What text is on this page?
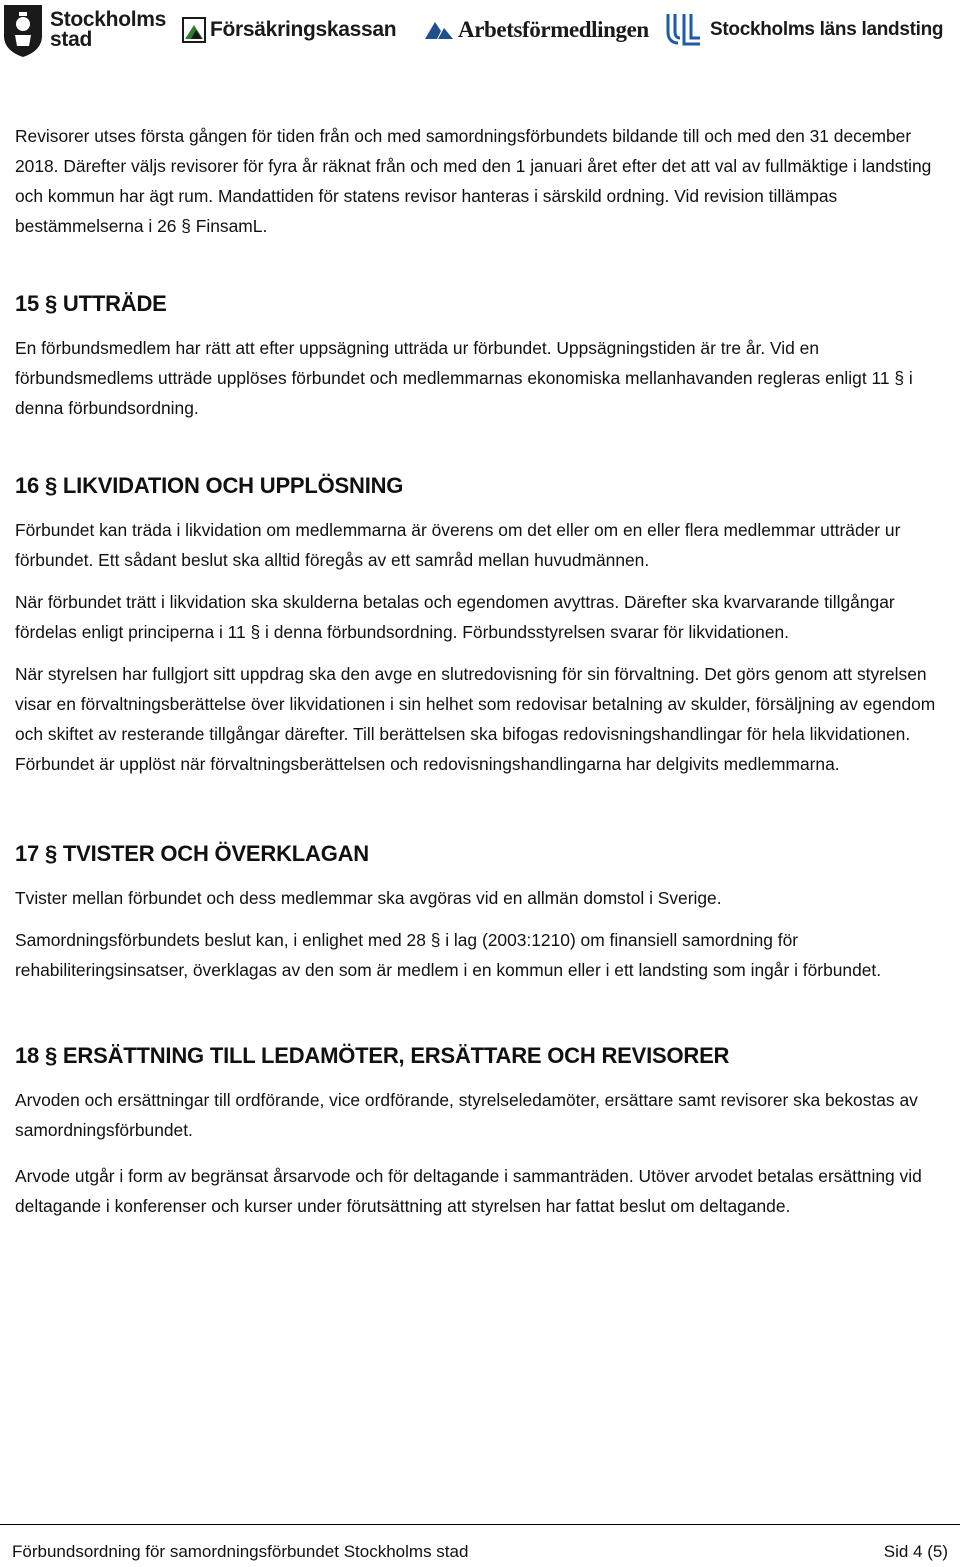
Stockholms
stad	Försäkringskassan	Arbetsförmedlingen	Stockholms läns landsting

Revisorer utses första gången för tiden från och med samordningsförbundets bildande till och med den 31 december 2018. Därefter väljs revisorer för fyra år räknat från och med den 1 januari året efter det att val av fullmäktige i landsting och kommun har ägt rum. Mandattiden för statens revisor hanteras i särskild ordning. Vid revision tillämpas bestämmelserna i 26 § FinsamL.

15 § UTTRÄDE

En förbundsmedlem har rätt att efter uppsägning utträda ur förbundet. Uppsägningstiden är tre år. Vid en förbundsmedlems utträde upplöses förbundet och medlemmarnas ekonomiska mellanhavanden regleras enligt 11 § i denna förbundsordning.

16 § LIKVIDATION OCH UPPLÖSNING

Förbundet kan träda i likvidation om medlemmarna är överens om det eller om en eller flera medlemmar utträder ur förbundet. Ett sådant beslut ska alltid föregås av ett samråd mellan huvudmännen.

När förbundet trätt i likvidation ska skulderna betalas och egendomen avyttras. Därefter ska kvarvarande tillgångar fördelas enligt principerna i 11 § i denna förbundsordning. Förbundsstyrelsen svarar för likvidationen.

När styrelsen har fullgjort sitt uppdrag ska den avge en slutredovisning för sin förvaltning. Det görs genom att styrelsen visar en förvaltningsberättelse över likvidationen i sin helhet som redovisar betalning av skulder, försäljning av egendom och skiftet av resterande tillgångar därefter. Till berättelsen ska bifogas redovisningshandlingar för hela likvidationen. Förbundet är upplöst när förvaltningsberättelsen och redovisningshandlingarna har delgivits medlemmarna.

17 § TVISTER OCH ÖVERKLAGAN

Tvister mellan förbundet och dess medlemmar ska avgöras vid en allmän domstol i Sverige.

Samordningsförbundets beslut kan, i enlighet med 28 § i lag (2003:1210) om finansiell samordning för rehabiliteringsinsatser, överklagas av den som är medlem i en kommun eller i ett landsting som ingår i förbundet.

18 § ERSÄTTNING TILL LEDAMÖTER, ERSÄTTARE OCH REVISORER

Arvoden och ersättningar till ordförande, vice ordförande, styrelseledamöter, ersättare samt revisorer ska bekostas av samordningsförbundet.

Arvode utgår i form av begränsat årsarvode och för deltagande i sammanträden. Utöver arvodet betalas ersättning vid deltagande i konferenser och kurser under förutsättning att styrelsen har fattat beslut om deltagande.

Förbundsordning för samordningsförbundet Stockholms stad	Sid 4 (5)
